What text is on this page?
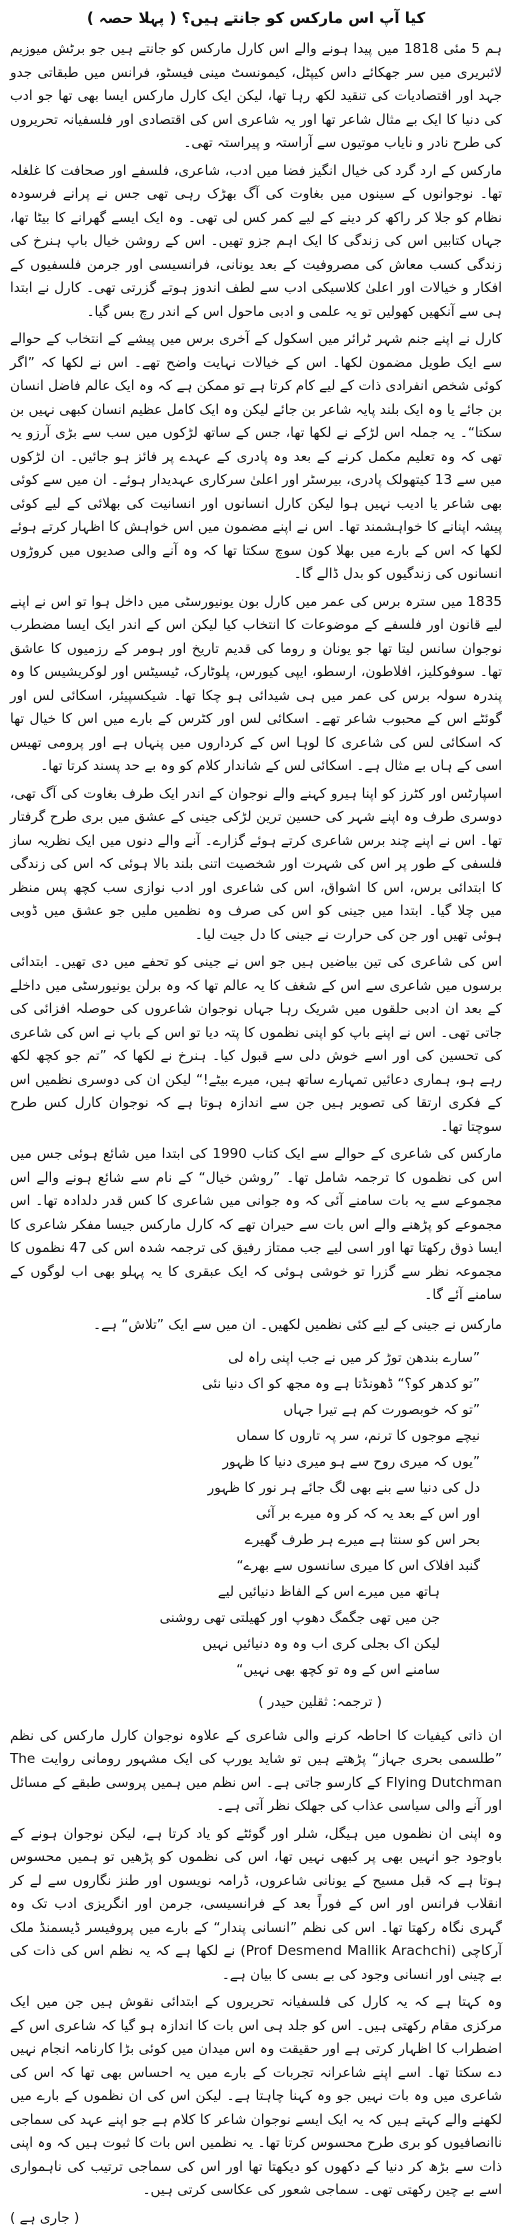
کیا آپ اس مارکس کو جانتے ہیں؟ ( پہلا حصہ )

ہم 5 مئی 1818 میں پیدا ہونے والے اس کارل مارکس کو جانتے ہیں جو برٹش میوزیم لائبریری میں سر جھکائے داس کیپٹل، کیمونسٹ مینی فیسٹو، فرانس میں طبقاتی جدو جہد اور اقتصادیات کی تنقید لکھ رہا تھا، لیکن ایک کارل مارکس ایسا بھی تھا جو ادب کی دنیا کا ایک بے مثال شاعر تھا اور یہ شاعری اس کی اقتصادی اور فلسفیانہ تحریروں کی طرح نادر و نایاب موتیوں سے آراستہ و پیراستہ تھی۔

مارکس کے ارد گرد کی خیال انگیز فضا میں ادب، شاعری، فلسفے اور صحافت کا غلغلہ تھا۔ نوجوانوں کے سینوں میں بغاوت کی آگ بھڑک رہی تھی جس نے پرانے فرسودہ نظام کو جلا کر راکھ کر دینے کے لیے کمر کس لی تھی۔ وہ ایک ایسے گھرانے کا بیٹا تھا، جہاں کتابیں اس کی زندگی کا ایک اہم جزو تھیں۔ اس کے روشن خیال باپ ہنرخ کی زندگی کسب معاش کی مصروفیت کے بعد یونانی، فرانسیسی اور جرمن فلسفیوں کے افکار و خیالات اور اعلیٰ کلاسیکی ادب سے لطف اندوز ہوتے گزرتی تھی۔ کارل نے ابتدا ہی سے آنکھیں کھولیں تو یہ علمی و ادبی ماحول اس کے اندر رچ بس گیا۔

کارل نے اپنے جنم شہر ٹرائر میں اسکول کے آخری برس میں پیشے کے انتخاب کے حوالے سے ایک طویل مضمون لکھا۔ اس کے خیالات نہایت واضح تھے۔ اس نے لکھا کہ ”اگر کوئی شخص انفرادی ذات کے لیے کام کرتا ہے تو ممکن ہے کہ وہ ایک عالم فاضل انسان بن جائے یا وہ ایک بلند پایہ شاعر بن جائے لیکن وہ ایک کامل عظیم انسان کبھی نہیں بن سکتا“۔ یہ جملہ اس لڑکے نے لکھا تھا، جس کے ساتھ لڑکوں میں سب سے بڑی آرزو یہ تھی کہ وہ تعلیم مکمل کرنے کے بعد وہ پادری کے عہدے پر فائز ہو جائیں۔ ان لڑکوں میں سے 13 کیتھولک پادری، بیرسٹر اور اعلیٰ سرکاری عہدیدار ہوئے۔ ان میں سے کوئی بھی شاعر یا ادیب نہیں ہوا لیکن کارل انسانوں اور انسانیت کی بھلائی کے لیے کوئی پیشہ اپنانے کا خواہشمند تھا۔ اس نے اپنے مضمون میں اس خواہش کا اظہار کرتے ہوئے لکھا کہ اس کے بارے میں بھلا کون سوچ سکتا تھا کہ وہ آنے والی صدیوں میں کروڑوں انسانوں کی زندگیوں کو بدل ڈالے گا۔

1835 میں سترہ برس کی عمر میں کارل بون یونیورسٹی میں داخل ہوا تو اس نے اپنے لیے قانون اور فلسفے کے موضوعات کا انتخاب کیا لیکن اس کے اندر ایک ایسا مضطرب نوجوان سانس لیتا تھا جو یونان و روما کی قدیم تاریخ اور ہومر کے رزمیوں کا عاشق تھا۔ سوفوکلیز، افلاطون، ارسطو، ایپی کیورس، پلوٹارک، ٹیسیٹس اور لوکریشیس کا وہ پندرہ سولہ برس کی عمر میں ہی شیدائی ہو چکا تھا۔ شیکسپیئر، اسکائی لس اور گوئٹے اس کے محبوب شاعر تھے۔ اسکائی لس اور کٹرس کے بارے میں اس کا خیال تھا کہ اسکائی لس کی شاعری کا لوہا اس کے کرداروں میں پنہاں ہے اور پرومی تھیس اسی کے ہاں بے مثال ہے۔ اسکائی لس کے شاندار کلام کو وہ بے حد پسند کرتا تھا۔

اسپارٹس اور کٹرز کو اپنا ہیرو کہنے والے نوجوان کے اندر ایک طرف بغاوت کی آگ تھی، دوسری طرف وہ اپنے شہر کی حسین ترین لڑکی جینی کے عشق میں بری طرح گرفتار تھا۔ اس نے اپنے چند برس شاعری کرتے ہوئے گزارے۔ آنے والے دنوں میں ایک نظریہ ساز فلسفی کے طور پر اس کی شہرت اور شخصیت اتنی بلند بالا ہوئی کہ اس کی زندگی کا ابتدائی برس، اس کا اشواق، اس کی شاعری اور ادب نوازی سب کچھ پس منظر میں چلا گیا۔ ابتدا میں جینی کو اس کی صرف وہ نظمیں ملیں جو عشق میں ڈوبی ہوئی تھیں اور جن کی حرارت نے جینی کا دل جیت لیا۔

اس کی شاعری کی تین بیاضیں ہیں جو اس نے جینی کو تحفے میں دی تھیں۔ ابتدائی برسوں میں شاعری سے اس کے شغف کا یہ عالم تھا کہ وہ برلن یونیورسٹی میں داخلے کے بعد ان ادبی حلقوں میں شریک رہا جہاں نوجوان شاعروں کی حوصلہ افزائی کی جاتی تھی۔ اس نے اپنے باپ کو اپنی نظموں کا پتہ دیا تو اس کے باپ نے اس کی شاعری کی تحسین کی اور اسے خوش دلی سے قبول کیا۔ ہنرخ نے لکھا کہ ”تم جو کچھ لکھ رہے ہو، ہماری دعائیں تمہارے ساتھ ہیں، میرے بیٹے!“ لیکن ان کی دوسری نظمیں اس کے فکری ارتقا کی تصویر ہیں جن سے اندازہ ہوتا ہے کہ نوجوان کارل کس طرح سوچتا تھا۔

مارکس کی شاعری کے حوالے سے ایک کتاب 1990 کی ابتدا میں شائع ہوئی جس میں اس کی نظموں کا ترجمہ شامل تھا۔ ”روشن خیال“ کے نام سے شائع ہونے والے اس مجموعے سے یہ بات سامنے آئی کہ وہ جوانی میں شاعری کا کس قدر دلدادہ تھا۔ اس مجموعے کو پڑھنے والے اس بات سے حیران تھے کہ کارل مارکس جیسا مفکر شاعری کا ایسا ذوق رکھتا تھا اور اسی لیے جب ممتاز رفیق کی ترجمہ شدہ اس کی 47 نظموں کا مجموعہ نظر سے گزرا تو خوشی ہوئی کہ ایک عبقری کا یہ پہلو بھی اب لوگوں کے سامنے آئے گا۔

مارکس نے جینی کے لیے کئی نظمیں لکھیں۔ ان میں سے ایک ”تلاش“ ہے۔

”سارے بندھن توڑ کر میں نے جب اپنی راہ لی
”تو کدھر کو؟“ ڈھونڈتا ہے وہ مجھ کو اک دنیا نئی
”تو کہ خوبصورت کم ہے تیرا جہاں
نیچے موجوں کا ترنم، سر پہ تاروں کا سماں
”یوں کہ میری روح سے ہو میری دنیا کا ظہور
دل کی دنیا سے بنے بھی لگ جائے ہر نور کا ظہور
اور اس کے بعد یہ کہ کر وہ میرے بر آئی
بحر اس کو سنتا ہے میرے ہر طرف گھیرے
گنبد افلاک اس کا میری سانسوں سے بھرے“
ہاتھ میں میرے اس کے الفاظ دنیائیں لیے
جن میں تھی جگمگ دھوپ اور کھیلتی تھی روشنی
لیکن اک بجلی کری اب وہ وہ دنیائیں نہیں
سامنے اس کے وہ تو کچھ بھی نہیں“
( ترجمہ: ثقلین حیدر )

ان ذاتی کیفیات کا احاطہ کرنے والی شاعری کے علاوہ نوجوان کارل مارکس کی نظم ”طلسمی بحری جہاز“ پڑھتے ہیں تو شاید یورپ کی ایک مشہور رومانی روایت The Flying Dutchman کے کارسو جاتی ہے۔ اس نظم میں ہمیں پروسی طبقے کے مسائل اور آنے والی سیاسی عذاب کی جھلک نظر آتی ہے۔

وہ اپنی ان نظموں میں ہیگل، شلر اور گوئٹے کو یاد کرتا ہے، لیکن نوجوان ہونے کے باوجود جو انہیں بھی پر کبھی نہیں تھا، اس کی نظموں کو پڑھیں تو ہمیں محسوس ہوتا ہے کہ قبل مسیح کے یونانی شاعروں، ڈرامہ نویسوں اور طنز نگاروں سے لے کر انقلاب فرانس اور اس کے فوراً بعد کے فرانسیسی، جرمن اور انگریزی ادب تک وہ گہری نگاہ رکھتا تھا۔ اس کی نظم ”انسانی پندار“ کے بارے میں پروفیسر ڈیسمنڈ ملک آرکاچی (Prof Desmend Mallik Arachchi) نے لکھا ہے کہ یہ نظم اس کی ذات کی بے چینی اور انسانی وجود کی بے بسی کا بیان ہے۔

وہ کہتا ہے کہ یہ کارل کی فلسفیانہ تحریروں کے ابتدائی نقوش ہیں جن میں ایک مرکزی مقام رکھتی ہیں۔ اس کو جلد ہی اس بات کا اندازہ ہو گیا کہ شاعری اس کے اضطراب کا اظہار کرتی ہے اور حقیقت وہ اس میدان میں کوئی بڑا کارنامہ انجام نہیں دے سکتا تھا۔ اسے اپنے شاعرانہ تجربات کے بارے میں یہ احساس بھی تھا کہ اس کی شاعری میں وہ بات نہیں جو وہ کہنا چاہتا ہے۔ لیکن اس کی ان نظموں کے بارے میں لکھنے والے کہتے ہیں کہ یہ ایک ایسے نوجوان شاعر کا کلام ہے جو اپنے عہد کی سماجی ناانصافیوں کو بری طرح محسوس کرتا تھا۔ یہ نظمیں اس بات کا ثبوت ہیں کہ وہ اپنی ذات سے بڑھ کر دنیا کے دکھوں کو دیکھتا تھا اور اس کی سماجی ترتیب کی ناہمواری اسے بے چین رکھتی تھی۔ سماجی شعور کی عکاسی کرتی ہیں۔

( جاری ہے )
